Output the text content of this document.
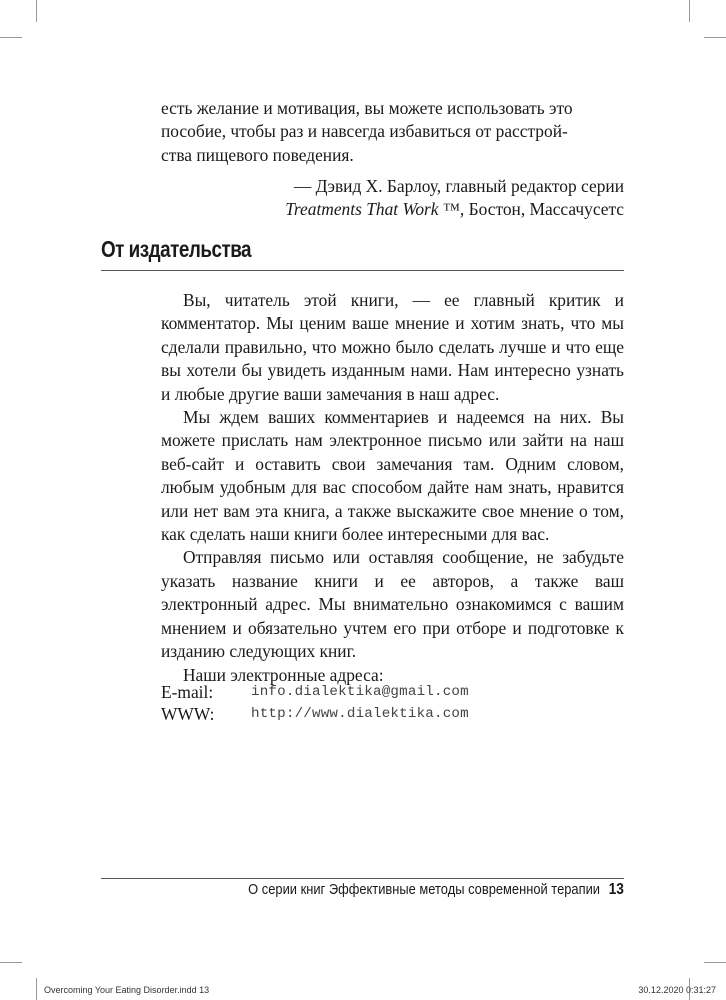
есть желание и мотивация, вы можете использовать это

пособие, чтобы раз и навсегда избавиться от расстрой-

ства пищевого поведения.

— Дэвид Х. Барлоу, главный редактор серии
Treatments That Work ™, Бостон, Массачусетс
От издательства

Вы, читатель этой книги, — ее главный критик и комментатор. Мы ценим ваше мнение и хотим знать, что мы сделали правильно, что можно было сделать лучше и что еще вы хотели бы увидеть изданным нами. Нам интересно узнать и любые другие ваши замечания в наш адрес.

Мы ждем ваших комментариев и надеемся на них. Вы можете прислать нам электронное письмо или зайти на наш веб-сайт и оставить свои замечания там. Одним словом, любым удобным для вас способом дайте нам знать, нравится или нет вам эта книга, а также выскажите свое мнение о том, как сделать наши книги более интересными для вас.

Отправляя письмо или оставляя сообщение, не забудьте указать название книги и ее авторов, а также ваш электронный адрес. Мы внимательно ознакомимся с вашим мнением и обязательно учтем его при отборе и подготовке к изданию следующих книг.

Наши электронные адреса:

E-mail:	info.dialektika@gmail.com
WWW:	http://www.dialektika.com
О серии книг Эффективные методы современной терапии 13
Overcoming Your Eating Disorder.indd 13	30.12.2020 0:31:27
